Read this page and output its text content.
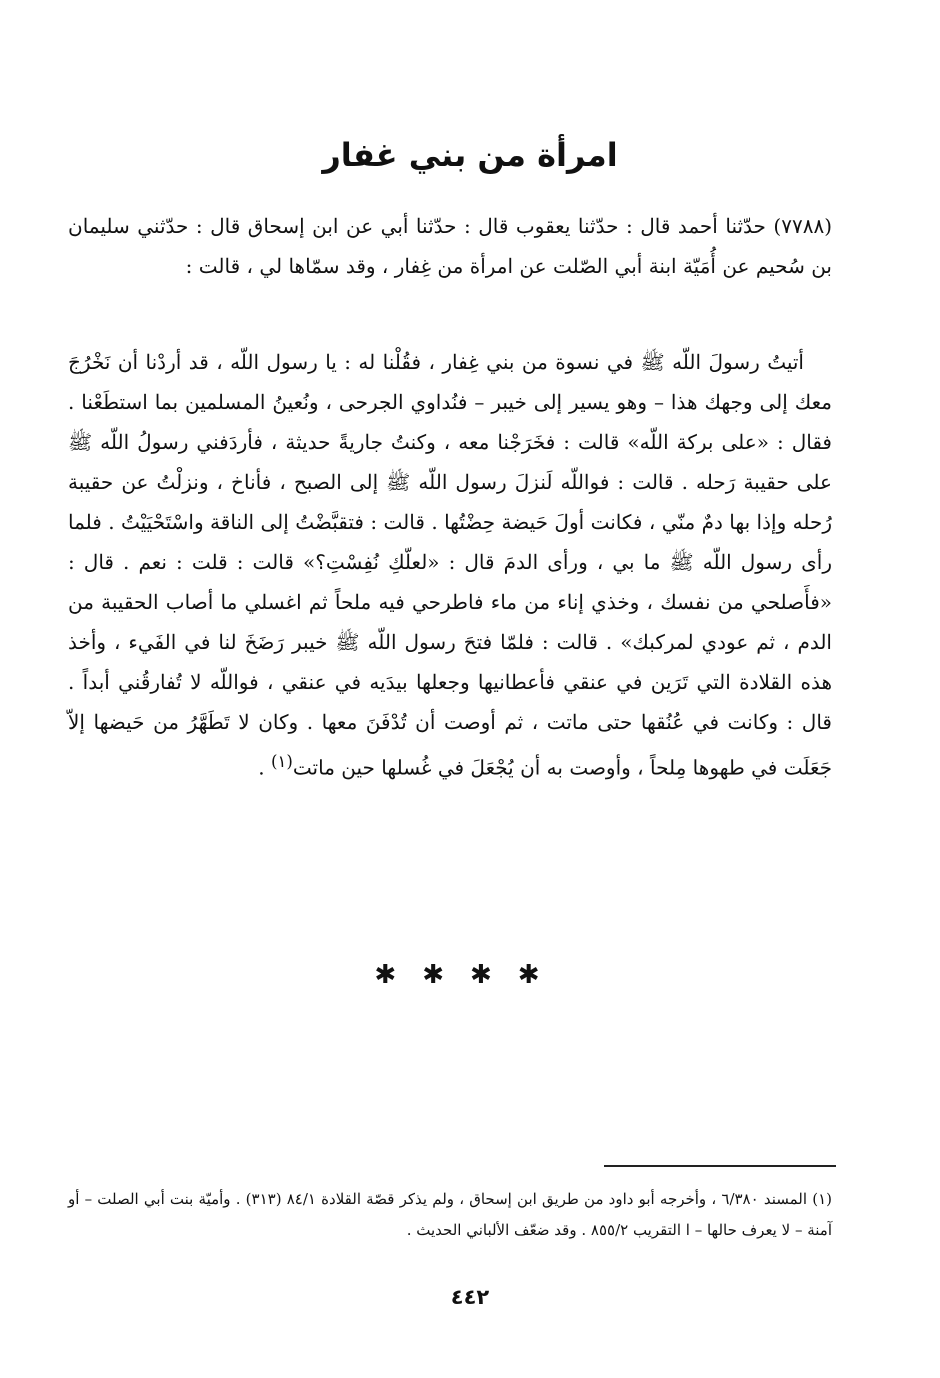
امرأة من بني غفار

(٧٧٨٨) حدّثنا أحمد قال : حدّثنا يعقوب قال : حدّثنا أبي عن ابن إسحاق قال : حدّثني سليمان بن سُحيم عن أُمَيّة ابنة أبي الصّلت عن امرأة من غِفار ، وقد سمّاها لي ، قالت :

أتيتُ رسولَ اللّه ﷺ في نسوة من بني غِفار ، فقُلْنا له : يا رسول اللّه ، قد أردْنا أن نَخْرُجَ معك إلى وجهك هذا – وهو يسير إلى خيبر – فنُداوي الجرحى ، ونُعينُ المسلمين بما استطَعْنا . فقال : «على بركة اللّه» قالت : فخَرَجْنا معه ، وكنتُ جاريةً حديثة ، فأردَفني رسولُ اللّه ﷺ على حقيبة رَحله . قالت : فواللّه لَنزلَ رسول اللّه ﷺ إلى الصبح ، فأناخ ، ونزلْتُ عن حقيبة رُحله وإذا بها دمٌ منّي ، فكانت أولَ حَيضة حِضْتُها . قالت : فتقبَّضْتُ إلى الناقة واسْتَحْيَيْتُ . فلما رأى رسول اللّه ﷺ ما بي ، ورأى الدمَ قال : «لعلّكِ نُفِسْتِ؟» قالت : قلت : نعم . قال : «فأَصلحي من نفسك ، وخذي إناء من ماء فاطرحي فيه ملحاً ثم اغسلي ما أصاب الحقيبة من الدم ، ثم عودي لمركبك» . قالت : فلمّا فتحَ رسول اللّه ﷺ خيبر رَضَخَ لنا في الفَيء ، وأخذ هذه القلادة التي تَرَين في عنقي فأعطانيها وجعلها بيدَيه في عنقي ، فواللّه لا تُفارقُني أبداً . قال : وكانت في عُنُقها حتى ماتت ، ثم أوصت أن تُدْفَنَ معها . وكان لا تَطَهَّرُ من حَيضها إلاّ جَعَلَت في طهوها مِلحاً ، وأوصت به أن يُجْعَلَ في غُسلها حين ماتت$^{(١)}$ .

✱✱✱✱

(١) المسند ٦/٣٨٠ ، وأخرجه أبو داود من طريق ابن إسحاق ، ولم يذكر قصّة القلادة ٨٤/١ (٣١٣) . وأميّة بنت أبي الصلت – أو آمنة – لا يعرف حالها – ا التقريب ٨٥٥/٢ . وقد ضعّف الألباني الحديث .

٤٤٢
